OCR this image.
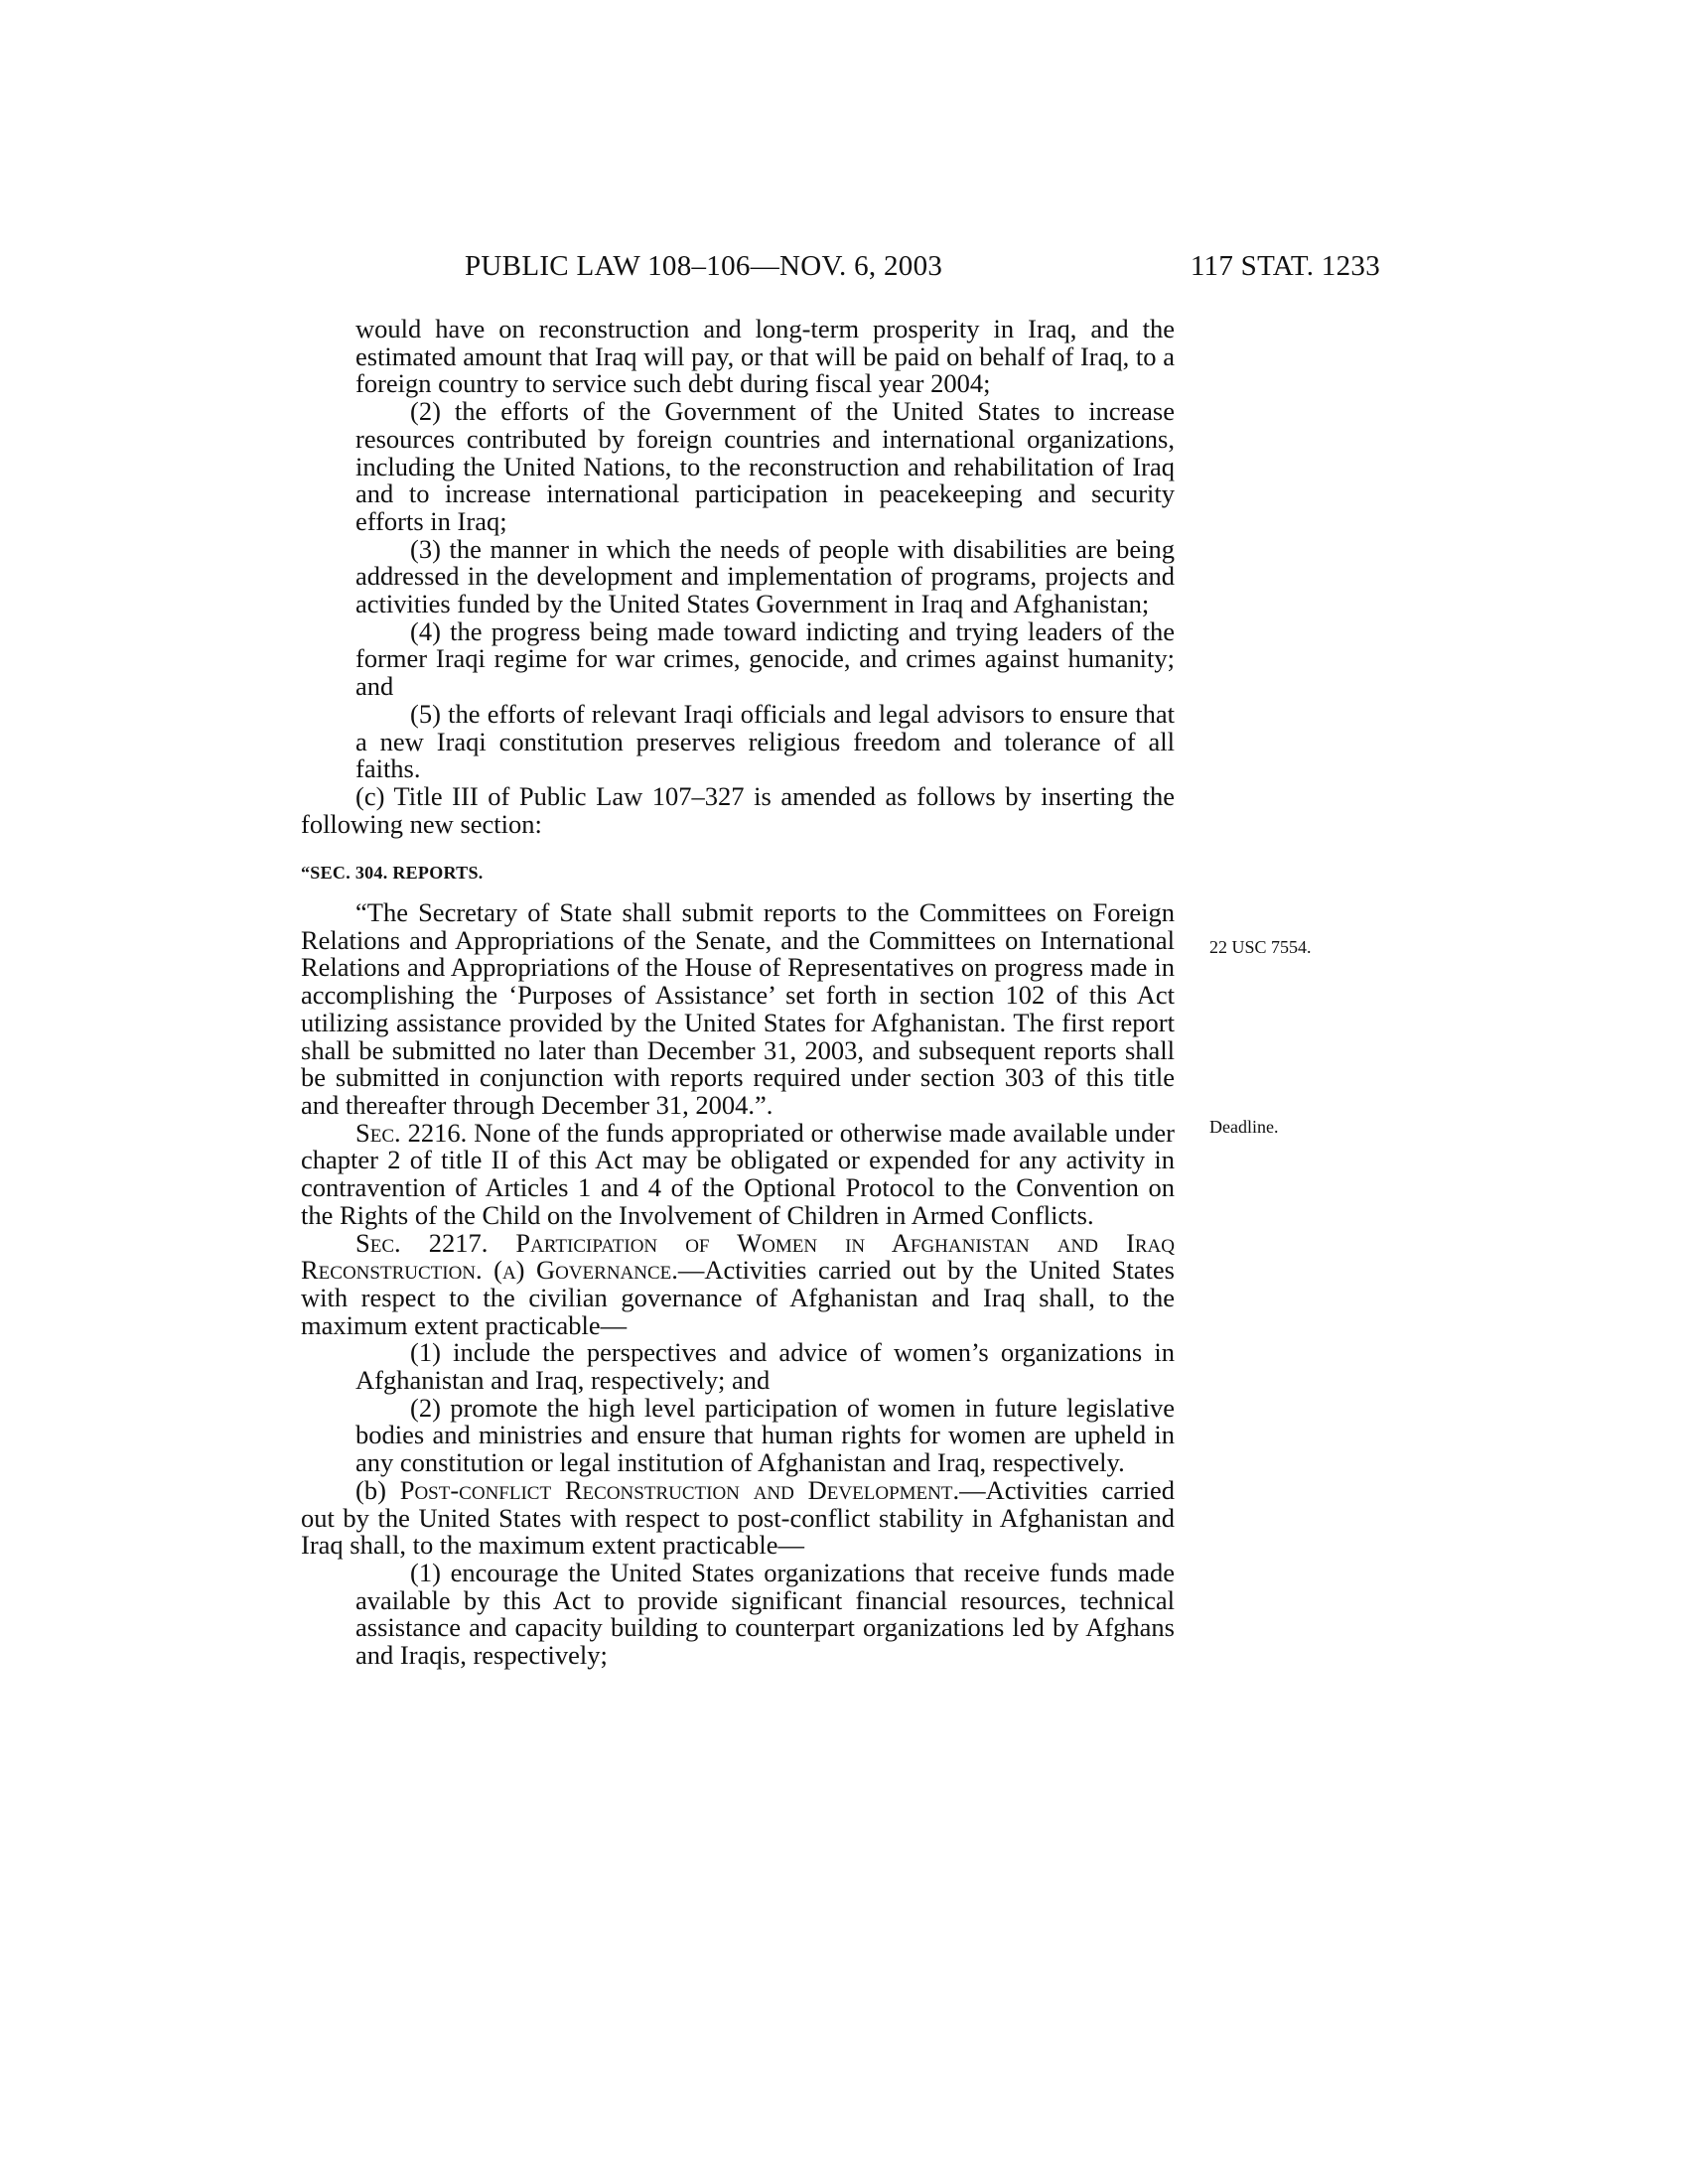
PUBLIC LAW 108–106—NOV. 6, 2003	117 STAT. 1233
22 USC 7554.
Deadline.

would have on reconstruction and long-term prosperity in Iraq, and the estimated amount that Iraq will pay, or that will be paid on behalf of Iraq, to a foreign country to service such debt during fiscal year 2004;

(2) the efforts of the Government of the United States to increase resources contributed by foreign countries and international organizations, including the United Nations, to the reconstruction and rehabilitation of Iraq and to increase international participation in peacekeeping and security efforts in Iraq;

(3) the manner in which the needs of people with disabilities are being addressed in the development and implementation of programs, projects and activities funded by the United States Government in Iraq and Afghanistan;

(4) the progress being made toward indicting and trying leaders of the former Iraqi regime for war crimes, genocide, and crimes against humanity; and

(5) the efforts of relevant Iraqi officials and legal advisors to ensure that a new Iraqi constitution preserves religious freedom and tolerance of all faiths.

(c) Title III of Public Law 107–327 is amended as follows by inserting the following new section:

“SEC. 304. REPORTS.

“The Secretary of State shall submit reports to the Committees on Foreign Relations and Appropriations of the Senate, and the Committees on International Relations and Appropriations of the House of Representatives on progress made in accomplishing the ‘Purposes of Assistance’ set forth in section 102 of this Act utilizing assistance provided by the United States for Afghanistan. The first report shall be submitted no later than December 31, 2003, and subsequent reports shall be submitted in conjunction with reports required under section 303 of this title and thereafter through December 31, 2004.”.

Sec. 2216. None of the funds appropriated or otherwise made available under chapter 2 of title II of this Act may be obligated or expended for any activity in contravention of Articles 1 and 4 of the Optional Protocol to the Convention on the Rights of the Child on the Involvement of Children in Armed Conflicts.

Sec. 2217. Participation of Women in Afghanistan and Iraq Reconstruction. (a) Governance.—Activities carried out by the United States with respect to the civilian governance of Afghanistan and Iraq shall, to the maximum extent practicable—

(1) include the perspectives and advice of women’s organizations in Afghanistan and Iraq, respectively; and

(2) promote the high level participation of women in future legislative bodies and ministries and ensure that human rights for women are upheld in any constitution or legal institution of Afghanistan and Iraq, respectively.

(b) Post-conflict Reconstruction and Development.—Activities carried out by the United States with respect to post-conflict stability in Afghanistan and Iraq shall, to the maximum extent practicable—

(1) encourage the United States organizations that receive funds made available by this Act to provide significant financial resources, technical assistance and capacity building to counterpart organizations led by Afghans and Iraqis, respectively;
